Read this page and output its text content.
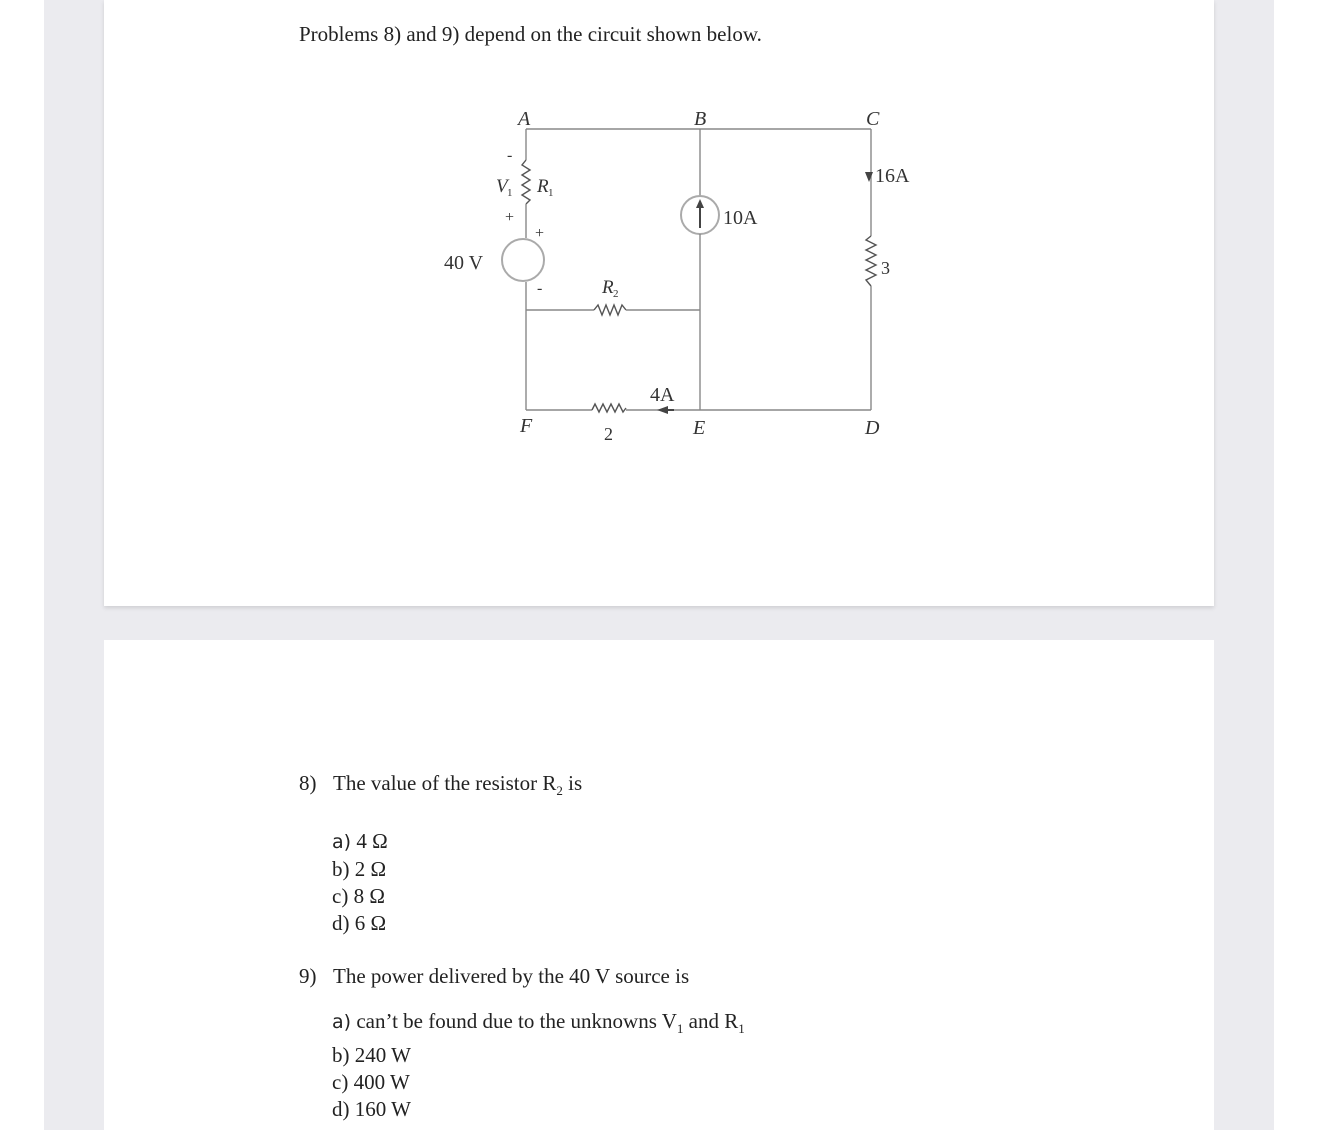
Problems 8) and 9) depend on the circuit shown below.

A	B	C
F	E	D
V 1 R 1
R 2
40 V
10A
16A
4A
3
2
+
-
+
-

8) The value of the resistor $R_2$ is

a) 4 Ω
b) 2 Ω
c) 8 Ω
d) 6 Ω

9) The power delivered by the 40 V source is

a) can’t be found due to the unknowns $V_1$ and $R_1$
b) 240 W
c) 400 W
d) 160 W
